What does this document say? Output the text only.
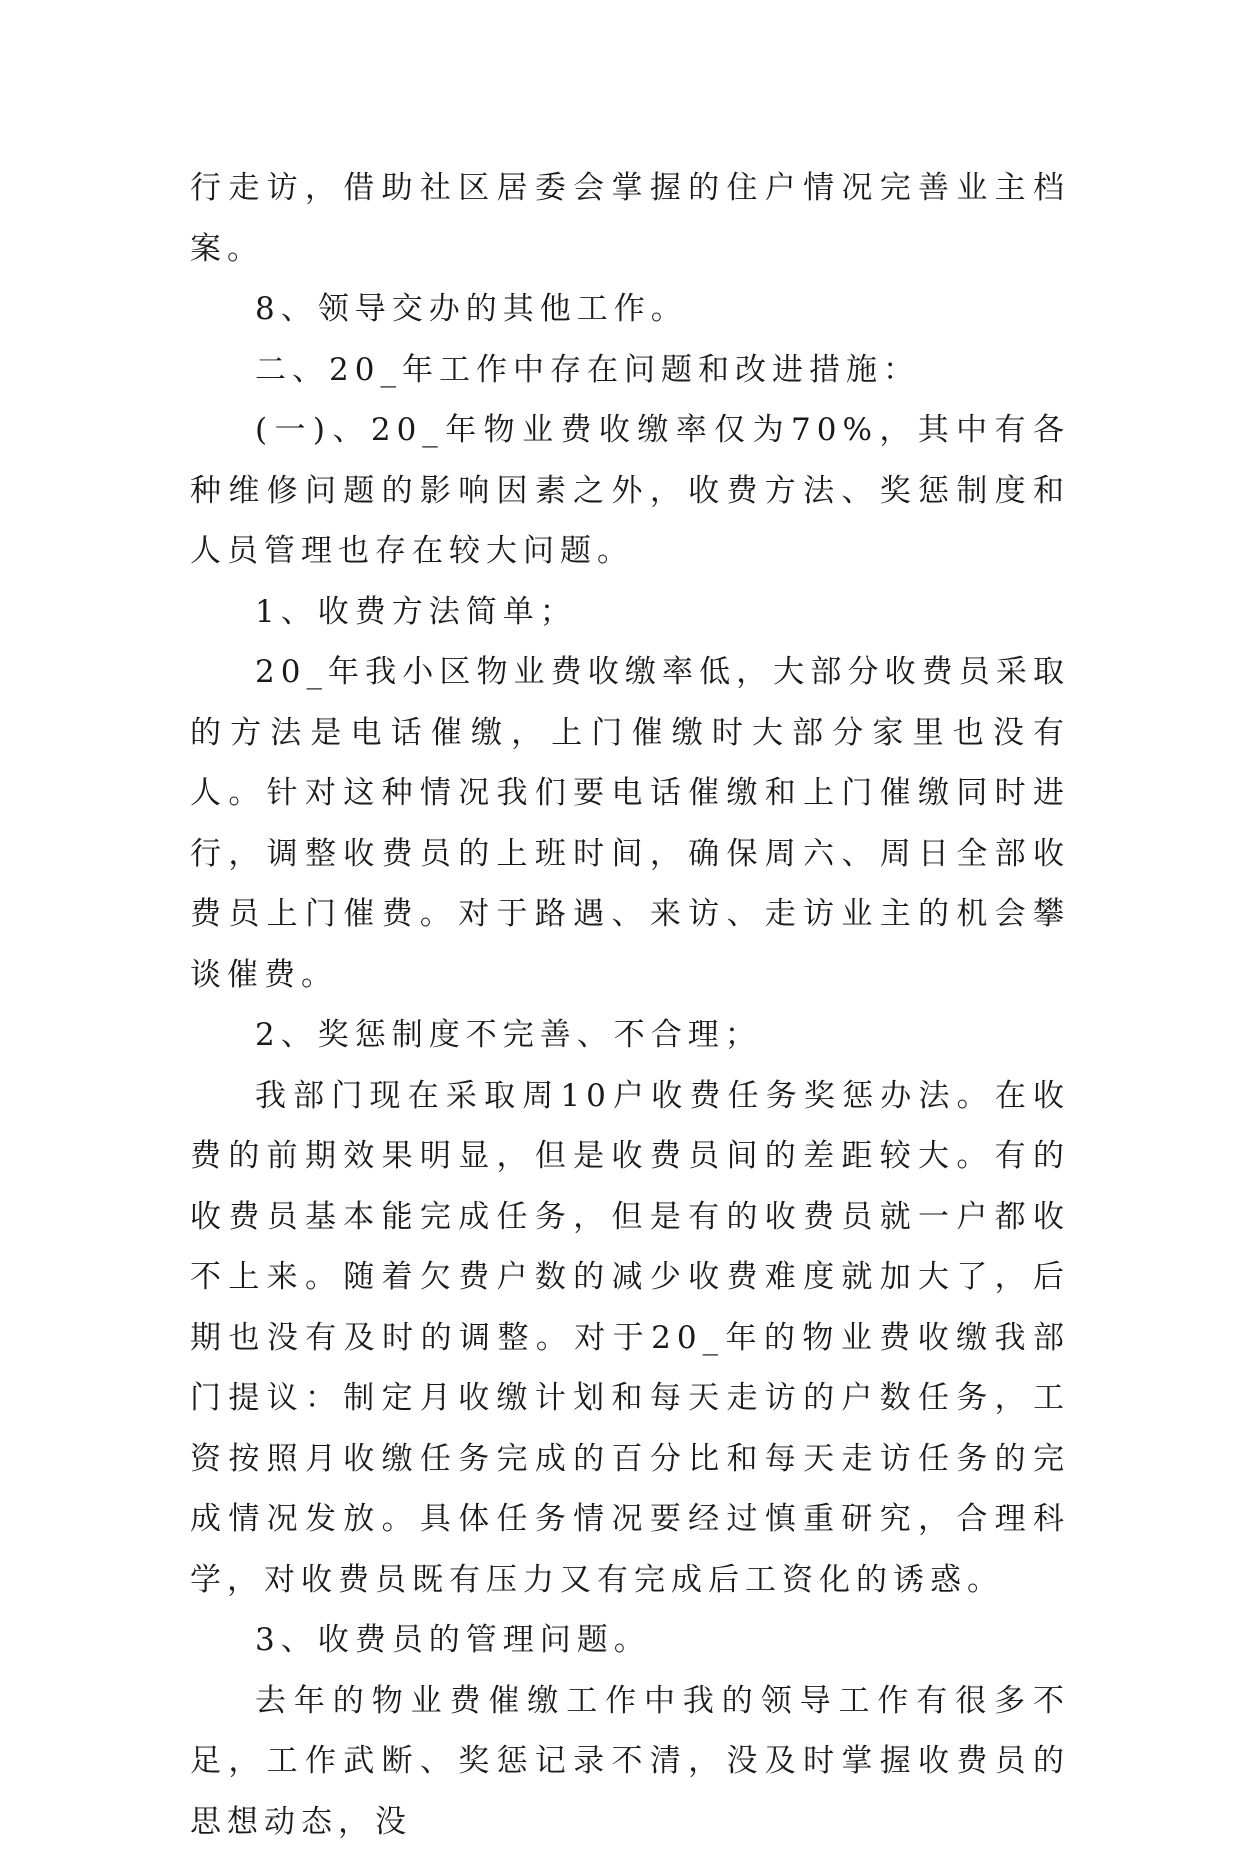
行走访，借助社区居委会掌握的住户情况完善业主档案。

8、领导交办的其他工作。

二、20_年工作中存在问题和改进措施：

(一)、20_年物业费收缴率仅为70%，其中有各种维修问题的影响因素之外，收费方法、奖惩制度和人员管理也存在较大问题。

1、收费方法简单；

20_年我小区物业费收缴率低，大部分收费员采取的方法是电话催缴，上门催缴时大部分家里也没有人。针对这种情况我们要电话催缴和上门催缴同时进行，调整收费员的上班时间，确保周六、周日全部收费员上门催费。对于路遇、来访、走访业主的机会攀谈催费。

2、奖惩制度不完善、不合理；

我部门现在采取周10户收费任务奖惩办法。在收费的前期效果明显，但是收费员间的差距较大。有的收费员基本能完成任务，但是有的收费员就一户都收不上来。随着欠费户数的减少收费难度就加大了，后期也没有及时的调整。对于20_年的物业费收缴我部门提议：制定月收缴计划和每天走访的户数任务，工资按照月收缴任务完成的百分比和每天走访任务的完成情况发放。具体任务情况要经过慎重研究，合理科学，对收费员既有压力又有完成后工资化的诱惑。

3、收费员的管理问题。

去年的物业费催缴工作中我的领导工作有很多不足，工作武断、奖惩记录不清，没及时掌握收费员的思想动态，没
